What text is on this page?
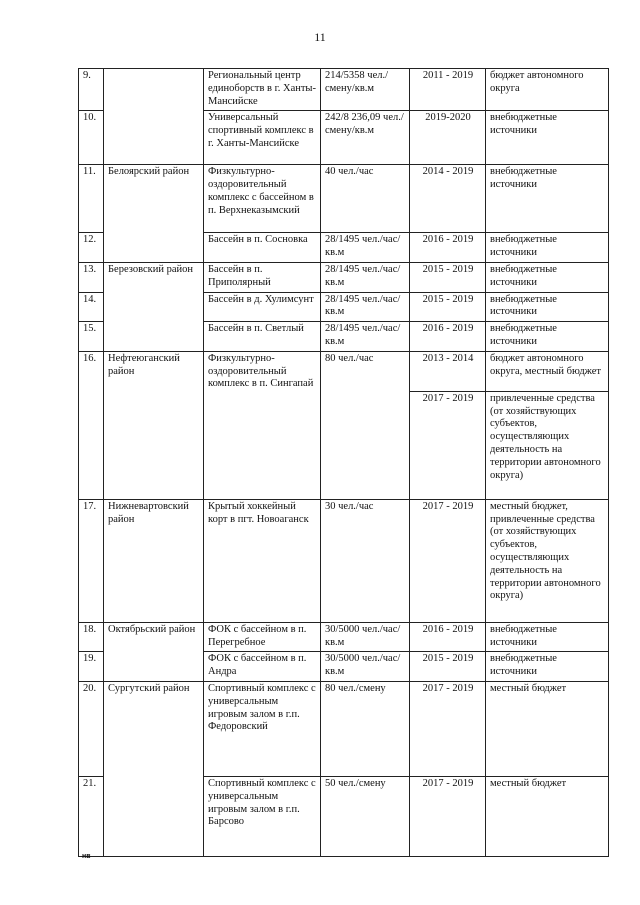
11
9.		Региональный центр единоборств в г. Ханты-Мансийске	214/5358 чел./смену/кв.м	2011 - 2019	бюджет автономного округа
10.		Универсальный спортивный комплекс в г. Ханты-Мансийске	242/8 236,09 чел./смену/кв.м	2019-2020	внебюджетные источники
11.	Белоярский район	Физкультурно-оздоровительный комплекс с бассейном в п. Верхнеказымский	40 чел./час	2014 - 2019	внебюджетные источники
12.		Бассейн в п. Сосновка	28/1495 чел./час/кв.м	2016 - 2019	внебюджетные источники
13.	Березовский район	Бассейн в п. Приполярный	28/1495 чел./час/кв.м	2015 - 2019	внебюджетные источники
14.		Бассейн в д. Хулимсунт	28/1495 чел./час/кв.м	2015 - 2019	внебюджетные источники
15.		Бассейн в п. Светлый	28/1495 чел./час/кв.м	2016 - 2019	внебюджетные источники
16.	Нефтеюганский район	Физкультурно-оздоровительный комплекс в п. Сингапай	80 чел./час	2013 - 2014	бюджет автономного округа, местный бюджет
				2017 - 2019	привлеченные средства (от хозяйствующих субъектов, осуществляющих деятельность на территории автономного округа)
17.	Нижневартовский район	Крытый хоккейный корт в пгт. Новоаганск	30 чел./час	2017 - 2019	местный бюджет, привлеченные средства (от хозяйствующих субъектов, осуществляющих деятельность на территории автономного округа)
18.	Октябрьский район	ФОК с бассейном в п. Перегребное	30/5000 чел./час/кв.м	2016 - 2019	внебюджетные источники
19.		ФОК с бассейном в п. Андра	30/5000 чел./час/кв.м	2015 - 2019	внебюджетные источники
20.	Сургутский район	Спортивный комплекс с универсальным игровым залом в г.п. Федоровский	80 чел./смену	2017 - 2019	местный бюджет
21.		Спортивный комплекс с универсальным игровым залом в г.п. Барсово	50 чел./смену	2017 - 2019	местный бюджет
нв
